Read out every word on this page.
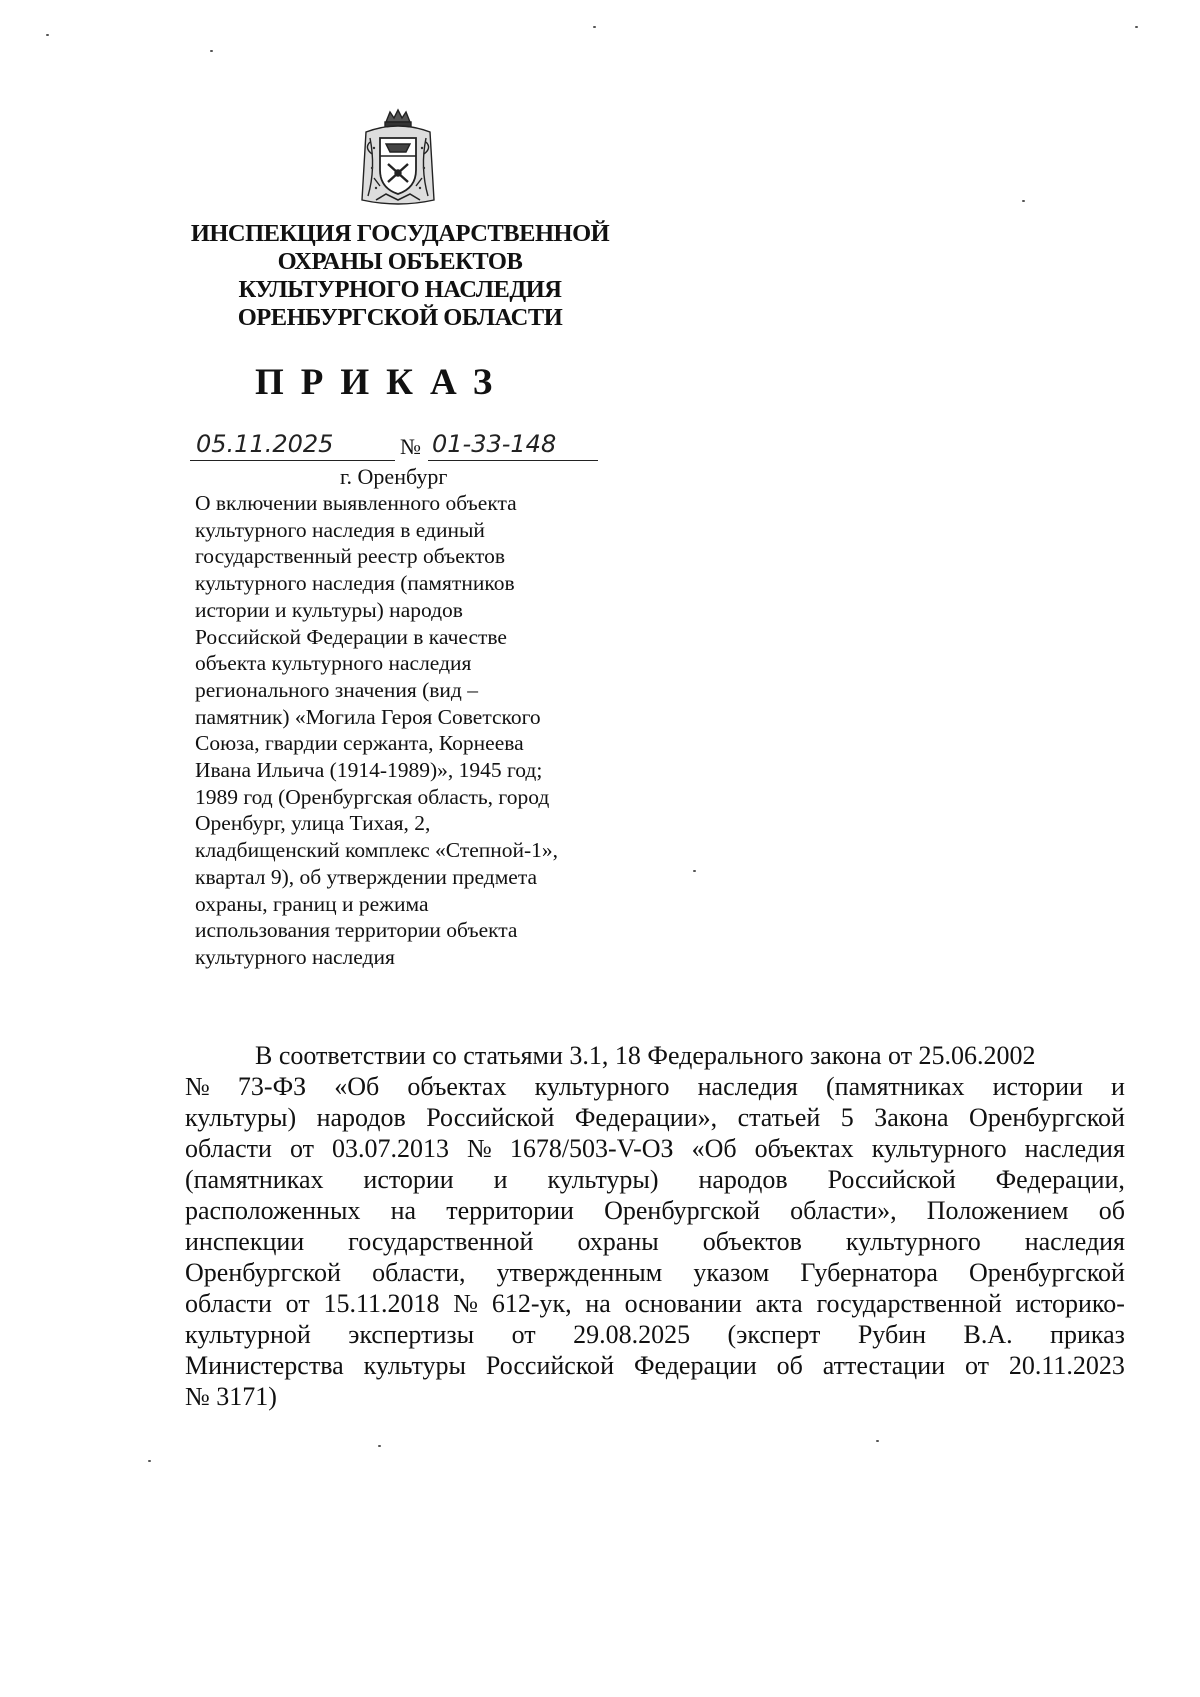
ИНСПЕКЦИЯ ГОСУДАРСТВЕННОЙ
ОХРАНЫ ОБЪЕКТОВ
КУЛЬТУРНОГО НАСЛЕДИЯ
ОРЕНБУРГСКОЙ ОБЛАСТИ
ПРИКАЗ
05.11.2025	№ 01-33-148
г. Оренбург
О включении выявленного объекта
культурного наследия в единый
государственный реестр объектов
культурного наследия (памятников
истории и культуры) народов
Российской Федерации в качестве
объекта культурного наследия
регионального значения (вид –
памятник) «Могила Героя Советского
Союза, гвардии сержанта, Корнеева
Ивана Ильича (1914-1989)», 1945 год;
1989 год (Оренбургская область, город
Оренбург, улица Тихая, 2,
кладбищенский комплекс «Степной-1»,
квартал 9), об утверждении предмета
охраны, границ и режима
использования территории объекта
культурного наследия
В соответствии со статьями 3.1, 18 Федерального закона от 25.06.2002
№ 73-ФЗ «Об объектах культурного наследия (памятниках истории и
культуры) народов Российской Федерации», статьей 5 Закона Оренбургской
области от 03.07.2013 № 1678/503-V-ОЗ «Об объектах культурного наследия
(памятниках истории и культуры) народов Российской Федерации,
расположенных на территории Оренбургской области», Положением об
инспекции государственной охраны объектов культурного наследия
Оренбургской области, утвержденным указом Губернатора Оренбургской
области от 15.11.2018 № 612-ук, на основании акта государственной историко-
культурной экспертизы от 29.08.2025 (эксперт Рубин В.А. приказ
Министерства культуры Российской Федерации об аттестации от 20.11.2023
№ 3171)
